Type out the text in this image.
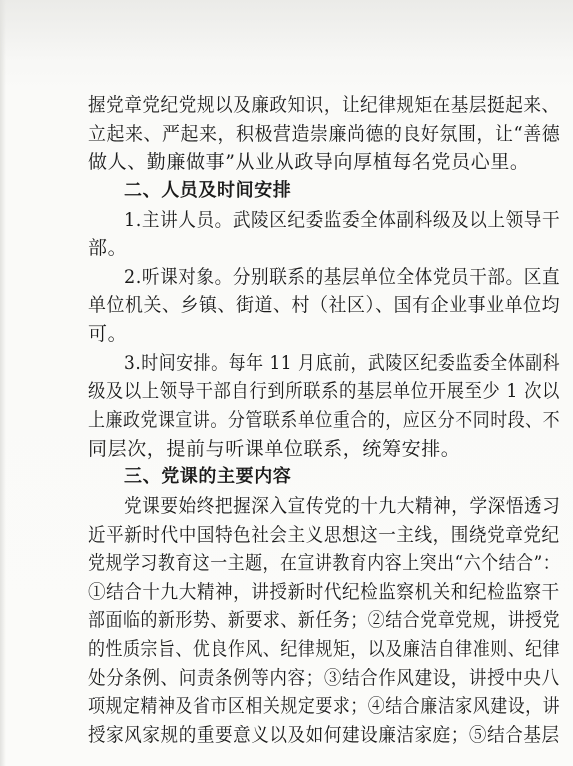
握党章党纪党规以及廉政知识，让纪律规矩在基层挺起来、
立起来、严起来，积极营造崇廉尚德的良好氛围，让“善德
做人、勤廉做事”从业从政导向厚植每名党员心里。
二、人员及时间安排
1.主讲人员。武陵区纪委监委全体副科级及以上领导干
部。
2.听课对象。分别联系的基层单位全体党员干部。区直
单位机关、乡镇、街道、村（社区）、国有企业事业单位均
可。
3.时间安排。每年 11 月底前，武陵区纪委监委全体副科
级及以上领导干部自行到所联系的基层单位开展至少 1 次以
上廉政党课宣讲。分管联系单位重合的，应区分不同时段、不
同层次，提前与听课单位联系，统筹安排。
三、党课的主要内容
党课要始终把握深入宣传党的十九大精神，学深悟透习
近平新时代中国特色社会主义思想这一主线，围绕党章党纪
党规学习教育这一主题，在宣讲教育内容上突出“六个结合”：
①结合十九大精神，讲授新时代纪检监察机关和纪检监察干
部面临的新形势、新要求、新任务；②结合党章党规，讲授党
的性质宗旨、优良作风、纪律规矩，以及廉洁自律准则、纪律
处分条例、问责条例等内容；③结合作风建设，讲授中央八
项规定精神及省市区相关规定要求；④结合廉洁家风建设，讲
授家风家规的重要意义以及如何建设廉洁家庭；⑤结合基层
